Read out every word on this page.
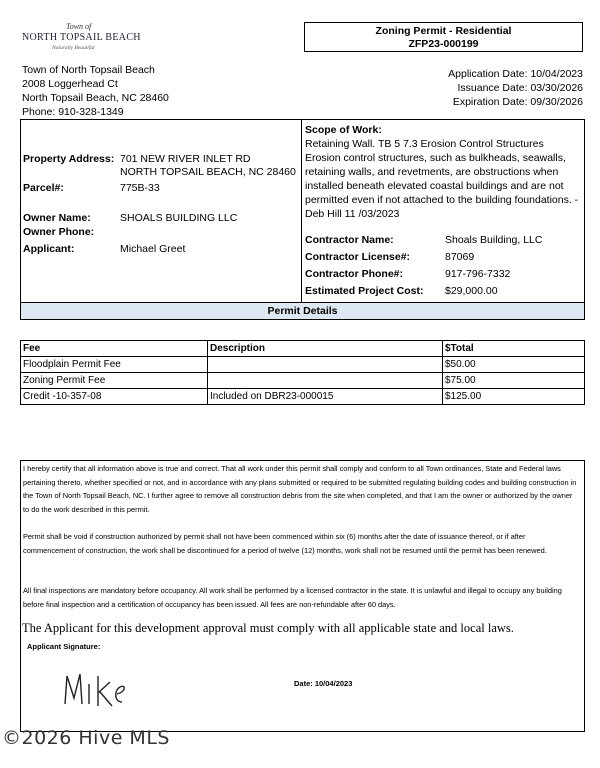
Town of
NORTH TOPSAIL BEACH
Naturally Beautiful
Zoning Permit - Residential
ZFP23-000199
Town of North Topsail Beach
2008 Loggerhead Ct
North Topsail Beach, NC 28460
Phone: 910-328-1349
Application Date: 10/04/2023
Issuance Date: 03/30/2026
Expiration Date: 09/30/2026
Property Address: 701 NEW RIVER INLET RD
NORTH TOPSAIL BEACH, NC 28460
Parcel#:	775B-33
Owner Name:	SHOALS BUILDING LLC
Owner Phone:
Applicant:	Michael Greet
Scope of Work:
Retaining Wall. TB 5 7.3 Erosion Control Structures Erosion control structures, such as bulkheads, seawalls, retaining walls, and revetments, are obstructions when installed beneath elevated coastal buildings and are not permitted even if not attached to the building foundations. -Deb Hill 11 /03/2023
Contractor Name:	Shoals Building, LLC
Contractor License#:	87069
Contractor Phone#:	917-796-7332
Estimated Project Cost: $29,000.00
Permit Details
Fee	Description	$Total
Floodplain Permit Fee		$50.00
Zoning Permit Fee		$75.00
Credit -10-357-08	Included on DBR23-000015	$125.00
I hereby certify that all information above is true and correct. That all work under this permit shall comply and conform to all Town ordinances, State and Federal laws pertaining thereto, whether specified or not, and in accordance with any plans submitted or required to be submitted regulating building codes and building construction in the Town of North Topsail Beach, NC. I further agree to remove all construction debris from the site when completed, and that I am the owner or authorized by the owner to do the work described in this permit.
Permit shall be void if construction authorized by permit shall not have been commenced within six (6) months after the date of issuance thereof, or if after commencement of construction, the work shall be discontinued for a period of twelve (12) months, work shall not be resumed until the permit has been renewed.
All final inspections are mandatory before occupancy. All work shall be performed by a licensed contractor in the state. It is unlawful and illegal to occupy any building before final inspection and a certification of occupancy has been issued. All fees are non-refundable after 60 days.
The Applicant for this development approval must comply with all applicable state and local laws.
Applicant Signature:
Date: 10/04/2023
©2026 Hive MLS
